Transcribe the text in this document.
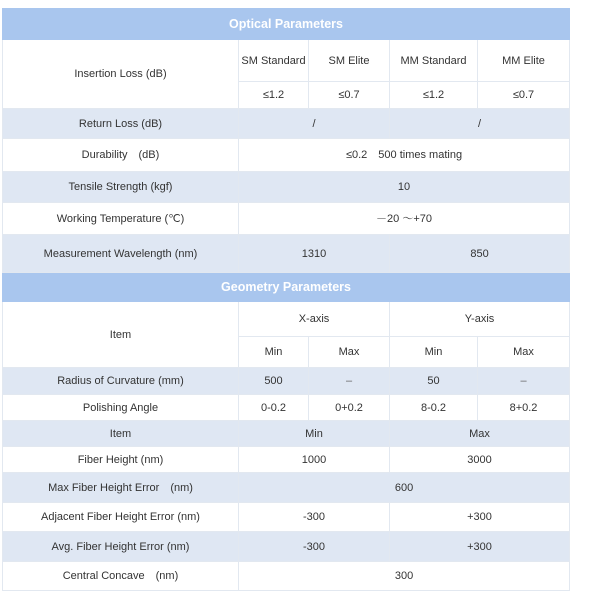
Optical Parameters				
Insertion Loss (dB)	SM Standard	SM Elite	MM Standard	MM Elite
	≤1.2	≤0.7	≤1.2	≤0.7
Return Loss (dB)	/		/	
Durability　(dB)	≤0.2　500 times mating			
Tensile Strength (kgf)	10			
Working Temperature (℃)	－20 ～+70			
Measurement Wavelength (nm)	1310		850	
Geometry Parameters				
Item	X-axis		Y-axis	
	Min	Max	Min	Max
Radius of Curvature (mm)	500	–	50	–
Polishing Angle	0-0.2	0+0.2	8-0.2	8+0.2
Item	Min		Max	
Fiber Height (nm)	1000		3000	
Max Fiber Height Error　(nm)	600			
Adjacent Fiber Height Error (nm)	-300		+300	
Avg. Fiber Height Error (nm)	-300		+300	
Central Concave　(nm)	300			
